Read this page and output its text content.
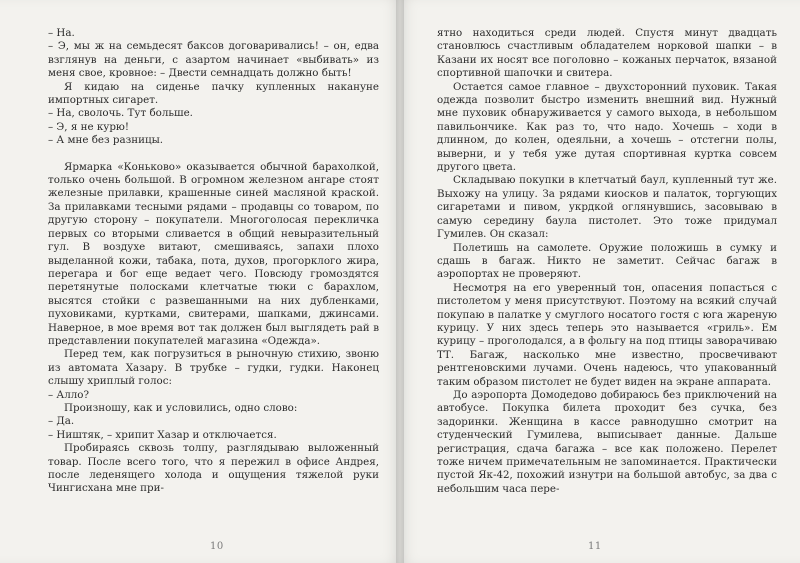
– На.

– Э, мы ж на семьдесят баксов договаривались! – он, едва взглянув на деньги, с азартом начинает «выбивать» из меня свое, кровное: – Двести семнадцать должно быть!

Я кидаю на сиденье пачку купленных накануне импортных сигарет.

– На, сволочь. Тут больше.

– Э, я не курю!

– А мне без разницы.

Ярмарка «Коньково» оказывается обычной барахолкой, только очень большой. В огромном железном ангаре стоят железные прилавки, крашенные синей масляной краской. За прилавками тесными рядами – продавцы со товаром, по другую сторону – покупатели. Многоголосая перекличка первых со вторыми сливается в общий невыразительный гул. В воздухе витают, смешиваясь, запахи плохо выделанной кожи, табака, пота, духов, прогорклого жира, перегара и бог еще ведает чего. Повсюду громоздятся перетянутые полосками клетчатые тюки с барахлом, высятся стойки с развешанными на них дубленками, пуховиками, куртками, свитерами, шапками, джинсами. Наверное, в мое время вот так должен был выглядеть рай в представлении покупателей магазина «Одежда».

Перед тем, как погрузиться в рыночную стихию, звоню из автомата Хазару. В трубке – гудки, гудки. Наконец слышу хриплый голос:

– Алло?

Произношу, как и условились, одно слово:

– Да.

– Ништяк, – хрипит Хазар и отключается.

Пробираясь сквозь толпу, разглядываю выложенный товар. После всего того, что я пережил в офисе Андрея, после леденящего холода и ощущения тяжелой руки Чингисхана мне при-

10

ятно находиться среди людей. Спустя минут двадцать становлюсь счастливым обладателем норковой шапки – в Казани их носят все поголовно – кожаных перчаток, вязаной спортивной шапочки и свитера.

Остается самое главное – двухсторонний пуховик. Такая одежда позволит быстро изменить внешний вид. Нужный мне пуховик обнаруживается у самого выхода, в небольшом павильончике. Как раз то, что надо. Хочешь – ходи в длинном, до колен, одеяльни, а хочешь – отстегни полы, выверни, и у тебя уже дутая спортивная куртка совсем другого цвета.

Складываю покупки в клетчатый баул, купленный тут же. Выхожу на улицу. За рядами киосков и палаток, торгующих сигаретами и пивом, укрдкой оглянувшись, засовываю в самую середину баула пистолет. Это тоже придумал Гумилев. Он сказал:

Полетишь на самолете. Оружие положишь в сумку и сдашь в багаж. Никто не заметит. Сейчас багаж в аэропортах не проверяют.

Несмотря на его уверенный тон, опасения попасться с пистолетом у меня присутствуют. Поэтому на всякий случай покупаю в палатке у смуглого носатого гостя с юга жареную курицу. У них здесь теперь это называется «гриль». Ем курицу – проголодался, а в фольгу на под птицы заворачиваю ТТ. Багаж, насколько мне известно, просвечивают рентгеновскими лучами. Очень надеюсь, что упакованный таким образом пистолет не будет виден на экране аппарата.

До аэропорта Домодедово добираюсь без приключений на автобусе. Покупка билета проходит без сучка, без задоринки. Женщина в кассе равнодушно смотрит на студенческий Гумилева, выписывает данные. Дальше регистрация, сдача багажа – все как положено. Перелет тоже ничем примечательным не запоминается. Практически пустой Як-42, похожий изнутри на большой автобус, за два с небольшим часа пере-

11
